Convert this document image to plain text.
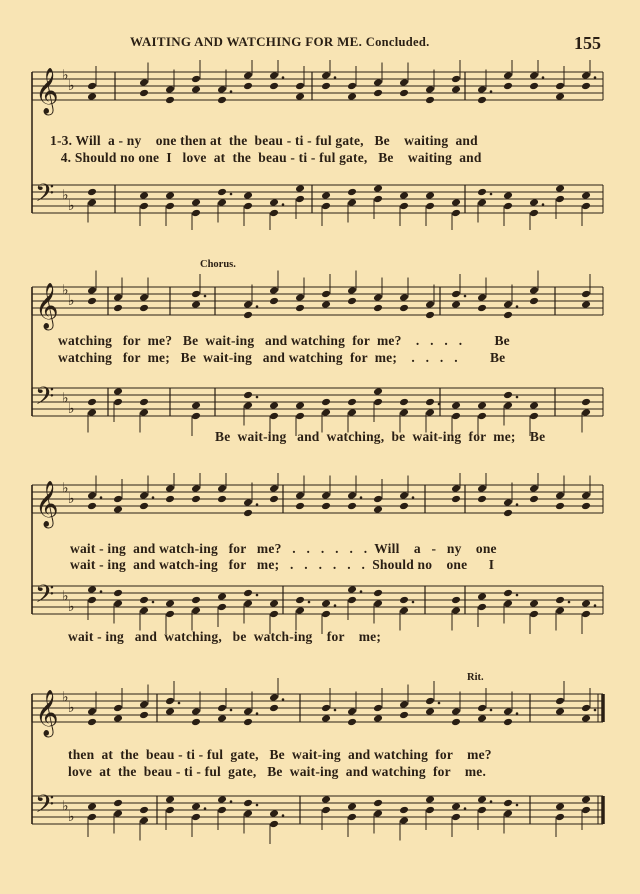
WAITING AND WATCHING FOR ME. Concluded.	155
𝄞 ♭
♭
𝄢 ♭
♭
1-3. Will  a - ny    one then at  the  beau - ti - ful gate,   Be    waiting  and
4. Should no one  I   love  at  the  beau - ti - ful gate,   Be    waiting  and
Chorus.
𝄞 ♭
♭
𝄢 ♭
♭
watching   for  me?   Be  wait-ing   and watching  for  me?    .   .   .   .         Be
watching   for  me;   Be  wait-ing   and watching  for  me;    .   .   .   .         Be
Be  wait-ing   and  watching,  be  wait-ing  for  me;    Be
𝄞 ♭
♭
𝄢 ♭
♭
wait - ing  and watch-ing   for   me?   .   .   .   .   .   .  Will    a   -   ny    one
wait - ing  and watch-ing   for   me;   .   .   .   .   .   .  Should no    one      I
wait - ing   and  watching,   be  watch-ing    for    me;
Rit.
𝄞 ♭
♭
𝄢 ♭
♭
then  at  the  beau - ti - ful  gate,   Be  wait-ing  and watching  for    me?
love  at  the  beau - ti - ful  gate,   Be  wait-ing  and watching  for    me.
